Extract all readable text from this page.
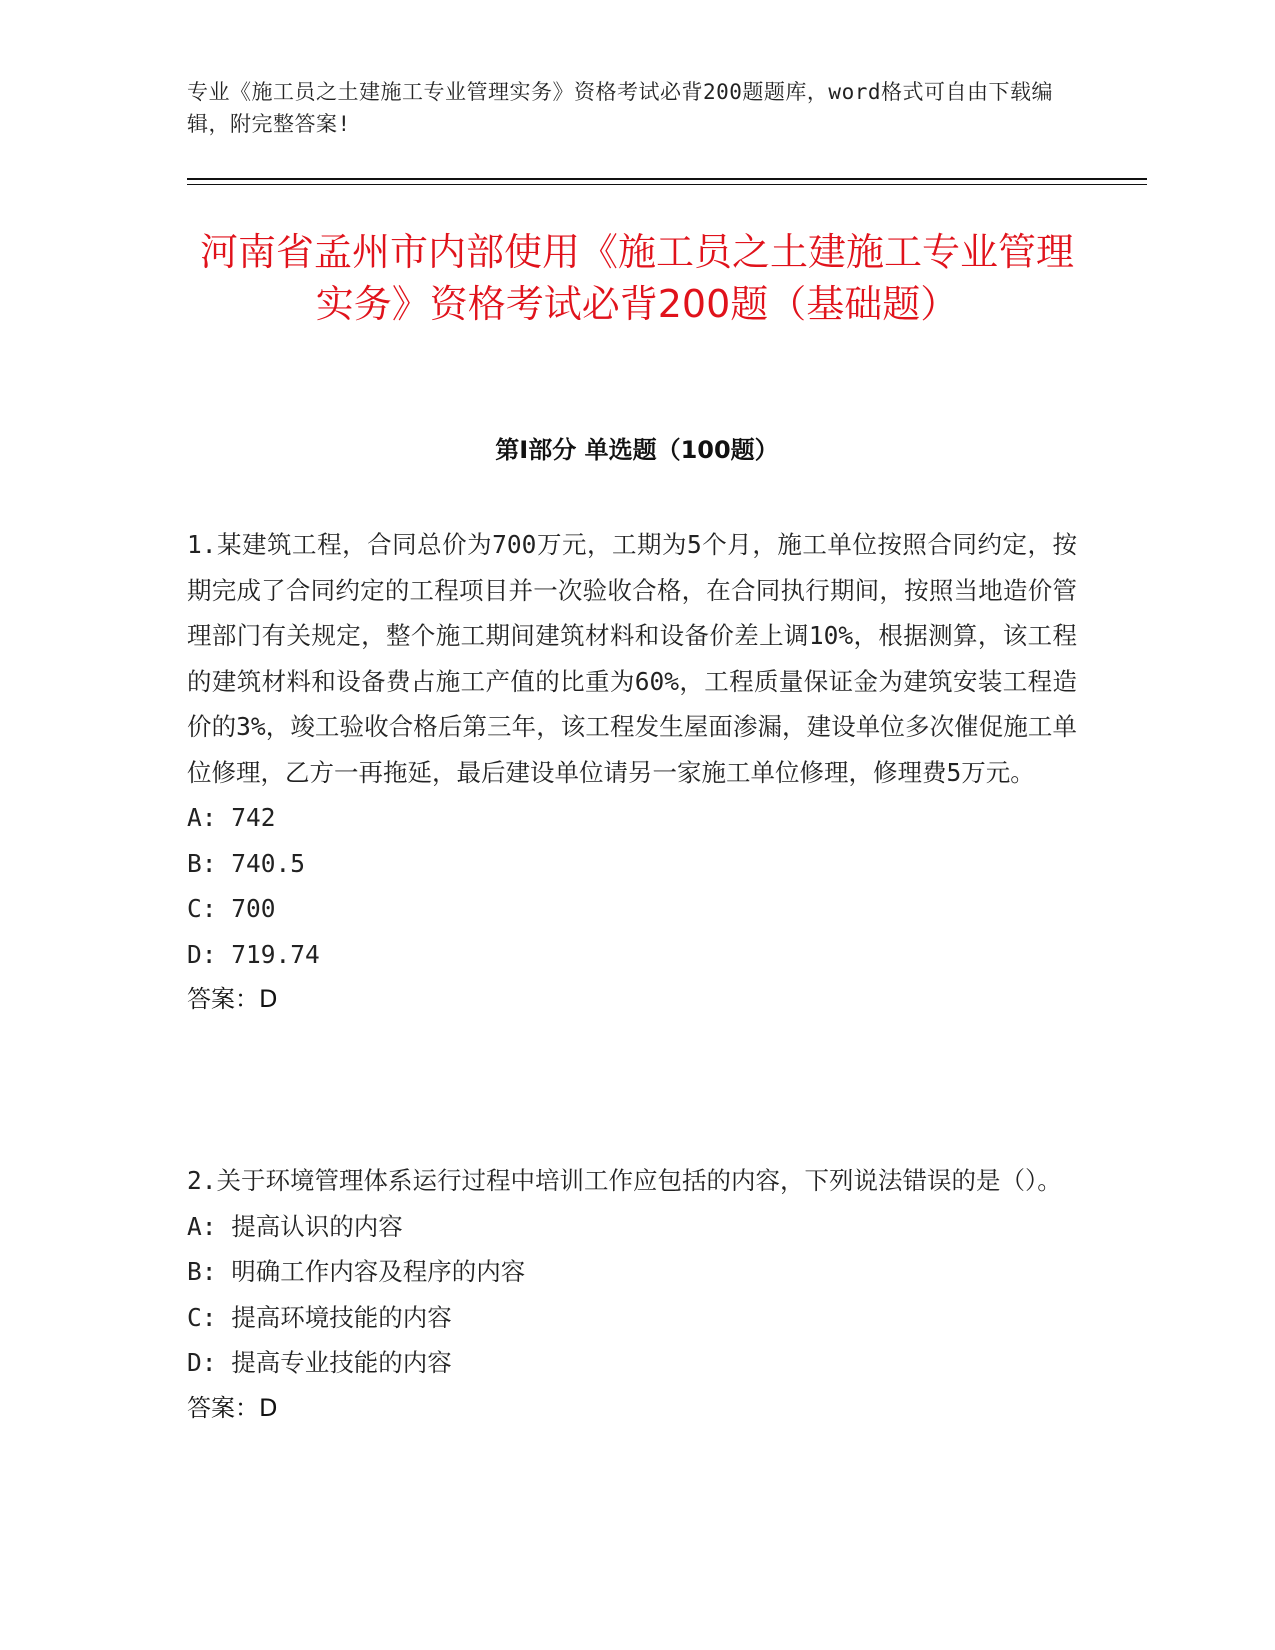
专业《施工员之土建施工专业管理实务》资格考试必背200题题库，word格式可自由下载编辑，附完整答案!
河南省孟州市内部使用《施工员之土建施工专业管理实务》资格考试必背200题（基础题）
第Ⅰ部分 单选题（100题）

1.某建筑工程，合同总价为700万元，工期为5个月，施工单位按照合同约定，按期完成了合同约定的工程项目并一次验收合格，在合同执行期间，按照当地造价管理部门有关规定，整个施工期间建筑材料和设备价差上调10%，根据测算，该工程的建筑材料和设备费占施工产值的比重为60%，工程质量保证金为建筑安装工程造价的3%，竣工验收合格后第三年，该工程发生屋面渗漏，建设单位多次催促施工单位修理，乙方一再拖延，最后建设单位请另一家施工单位修理，修理费5万元。

A: 742

B: 740.5

C: 700

D: 719.74

答案：D

2.关于环境管理体系运行过程中培训工作应包括的内容，下列说法错误的是（）。

A: 提高认识的内容

B: 明确工作内容及程序的内容

C: 提高环境技能的内容

D: 提高专业技能的内容

答案：D
